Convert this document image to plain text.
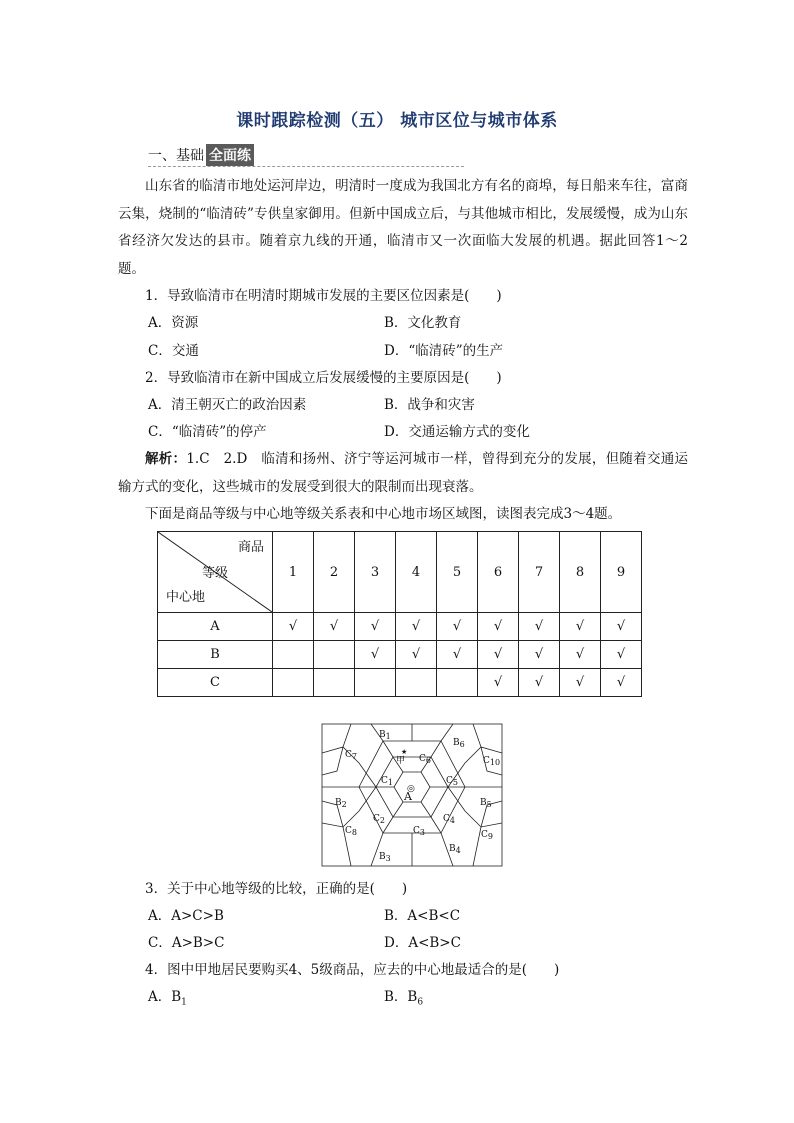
课时跟踪检测（五） 城市区位与城市体系
一、基础 全面练
山东省的临清市地处运河岸边，明清时一度成为我国北方有名的商埠，每日船来车往，富商云集，烧制的“临清砖”专供皇家御用。但新中国成立后，与其他城市相比，发展缓慢，成为山东省经济欠发达的县市。随着京九线的开通，临清市又一次面临大发展的机遇。据此回答1～2题。
1．导致临清市在明清时期城市发展的主要区位因素是(　　)
A．资源	B．文化教育
C．交通	D．“临清砖”的生产
2．导致临清市在新中国成立后发展缓慢的主要原因是(　　)
A．清王朝灭亡的政治因素	B．战争和灾害
C．“临清砖”的停产	D．交通运输方式的变化
解析：1.C　2.D　临清和扬州、济宁等运河城市一样，曾得到充分的发展，但随着交通运输方式的变化，这些城市的发展受到很大的限制而出现衰落。
下面是商品等级与中心地等级关系表和中心地市场区域图，读图表完成3～4题。
商品
等级
中心地	1	2	3	4	5	6	7	8	9
A	√	√	√	√	√	√	√	√	√
B			√	√	√	√	√	√	√
C						√	√	√	√
A
◎
甲
★
B1
B6
C7	C6	C10
C1	C5
B2	B5
C2	C4
C8	C3	C9
B3
B4
3．关于中心地等级的比较，正确的是(　　)
A．A>C>B	B．A<B<C
C．A>B>C	D．A<B>C
4．图中甲地居民要购买4、5级商品，应去的中心地最适合的是(　　)
A．$B_1$	B．$B_6$
